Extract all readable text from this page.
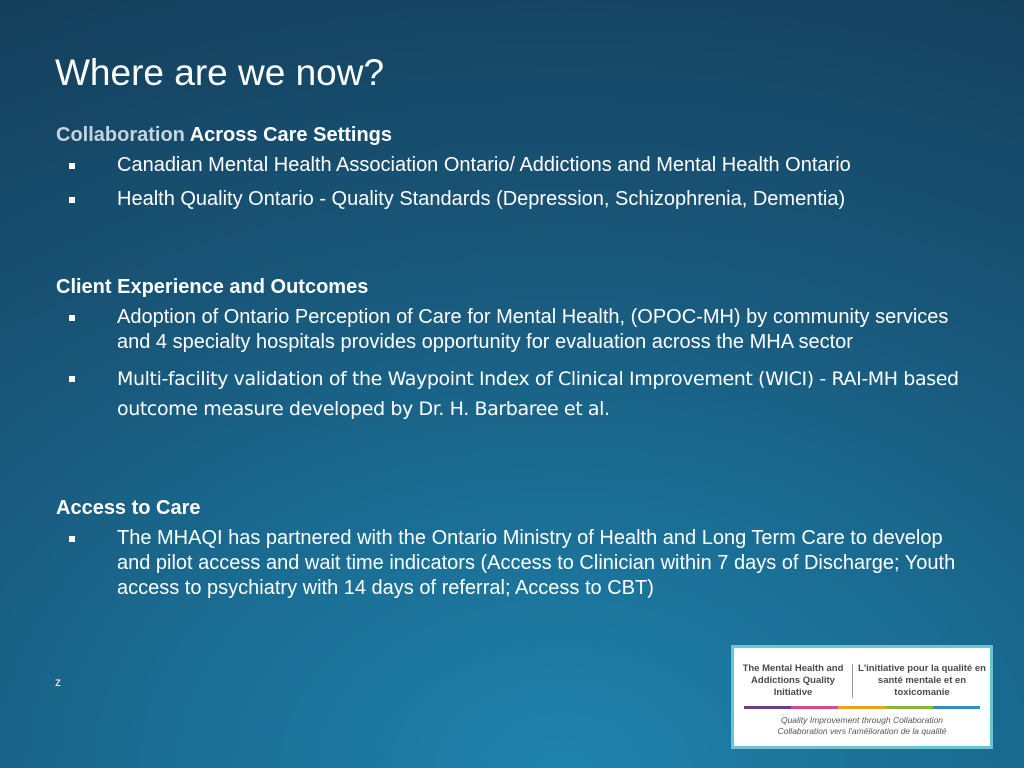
Where are we now?
Collaboration Across Care Settings
Canadian Mental Health Association Ontario/ Addictions and Mental Health Ontario
Health Quality Ontario - Quality Standards (Depression, Schizophrenia, Dementia)
Client Experience and Outcomes
Adoption of Ontario Perception of Care for Mental Health, (OPOC-MH) by community services and 4 specialty hospitals provides opportunity for evaluation across the MHA sector
Multi-facility validation of the Waypoint Index of Clinical Improvement (WICI) - RAI-MH based outcome measure developed by Dr. H. Barbaree et al.
Access to Care
The MHAQI has partnered with the Ontario Ministry of Health and Long Term Care to develop and pilot access and wait time indicators (Access to Clinician within 7 days of Discharge; Youth access to psychiatry with 14 days of referral; Access to CBT)
z
The Mental Health and Addictions Quality Initiative
L'initiative pour la qualité en santé mentale et en toxicomanie
Quality Improvement through Collaboration
Collaboration vers l'amélioration de la qualité
